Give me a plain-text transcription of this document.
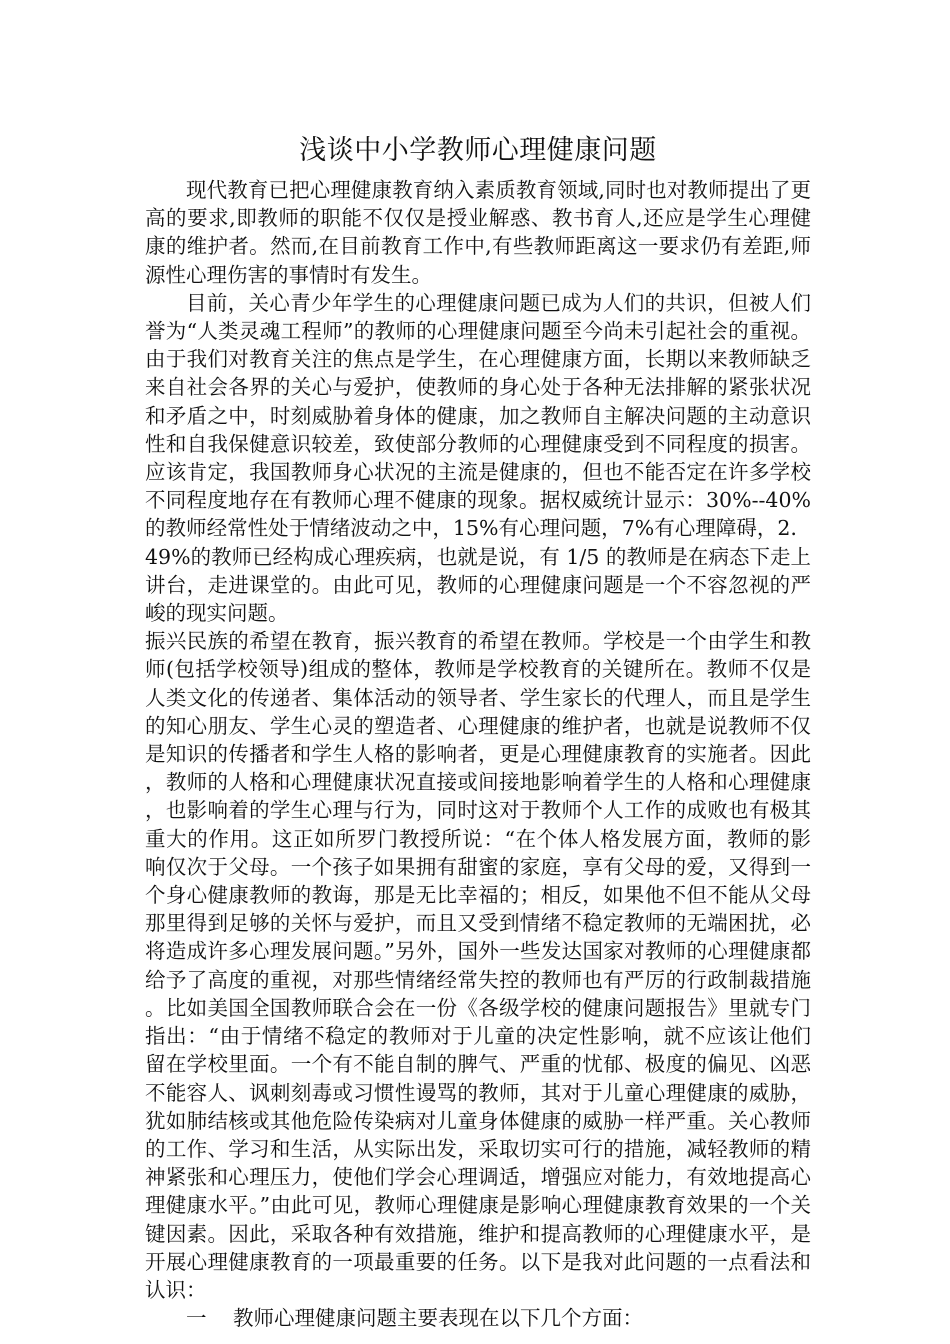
浅谈中小学教师心理健康问题

现代教育已把心理健康教育纳入素质教育领域,同时也对教师提出了更高的要求,即教师的职能不仅仅是授业解惑、教书育人,还应是学生心理健康的维护者。然而,在目前教育工作中,有些教师距离这一要求仍有差距,师源性心理伤害的事情时有发生。

目前，关心青少年学生的心理健康问题已成为人们的共识，但被人们誉为“人类灵魂工程师”的教师的心理健康问题至今尚未引起社会的重视。由于我们对教育关注的焦点是学生，在心理健康方面，长期以来教师缺乏来自社会各界的关心与爱护，使教师的身心处于各种无法排解的紧张状况和矛盾之中，时刻威胁着身体的健康，加之教师自主解决问题的主动意识性和自我保健意识较差，致使部分教师的心理健康受到不同程度的损害。应该肯定，我国教师身心状况的主流是健康的，但也不能否定在许多学校不同程度地存在有教师心理不健康的现象。据权威统计显示：30%--40%的教师经常性处于情绪波动之中，15%有心理问题，7%有心理障碍，2．49%的教师已经构成心理疾病，也就是说，有 1/5 的教师是在病态下走上讲台，走进课堂的。由此可见，教师的心理健康问题是一个不容忽视的严峻的现实问题。

振兴民族的希望在教育，振兴教育的希望在教师。学校是一个由学生和教师(包括学校领导)组成的整体，教师是学校教育的关键所在。教师不仅是人类文化的传递者、集体活动的领导者、学生家长的代理人，而且是学生的知心朋友、学生心灵的塑造者、心理健康的维护者，也就是说教师不仅是知识的传播者和学生人格的影响者，更是心理健康教育的实施者。因此，教师的人格和心理健康状况直接或间接地影响着学生的人格和心理健康，也影响着的学生心理与行为，同时这对于教师个人工作的成败也有极其重大的作用。这正如所罗门教授所说：“在个体人格发展方面，教师的影响仅次于父母。一个孩子如果拥有甜蜜的家庭，享有父母的爱，又得到一个身心健康教师的教诲，那是无比幸福的；相反，如果他不但不能从父母那里得到足够的关怀与爱护，而且又受到情绪不稳定教师的无端困扰，必将造成许多心理发展问题。”另外，国外一些发达国家对教师的心理健康都给予了高度的重视，对那些情绪经常失控的教师也有严厉的行政制裁措施。比如美国全国教师联合会在一份《各级学校的健康问题报告》里就专门指出：“由于情绪不稳定的教师对于儿童的决定性影响，就不应该让他们留在学校里面。一个有不能自制的脾气、严重的忧郁、极度的偏见、凶恶不能容人、讽刺刻毒或习惯性谩骂的教师，其对于儿童心理健康的威胁，犹如肺结核或其他危险传染病对儿童身体健康的威胁一样严重。关心教师的工作、学习和生活，从实际出发，采取切实可行的措施，减轻教师的精神紧张和心理压力，使他们学会心理调适，增强应对能力，有效地提高心理健康水平。”由此可见，教师心理健康是影响心理健康教育效果的一个关键因素。因此，采取各种有效措施，维护和提高教师的心理健康水平，是开展心理健康教育的一项最重要的任务。以下是我对此问题的一点看法和认识：

一 教师心理健康问题主要表现在以下几个方面：
